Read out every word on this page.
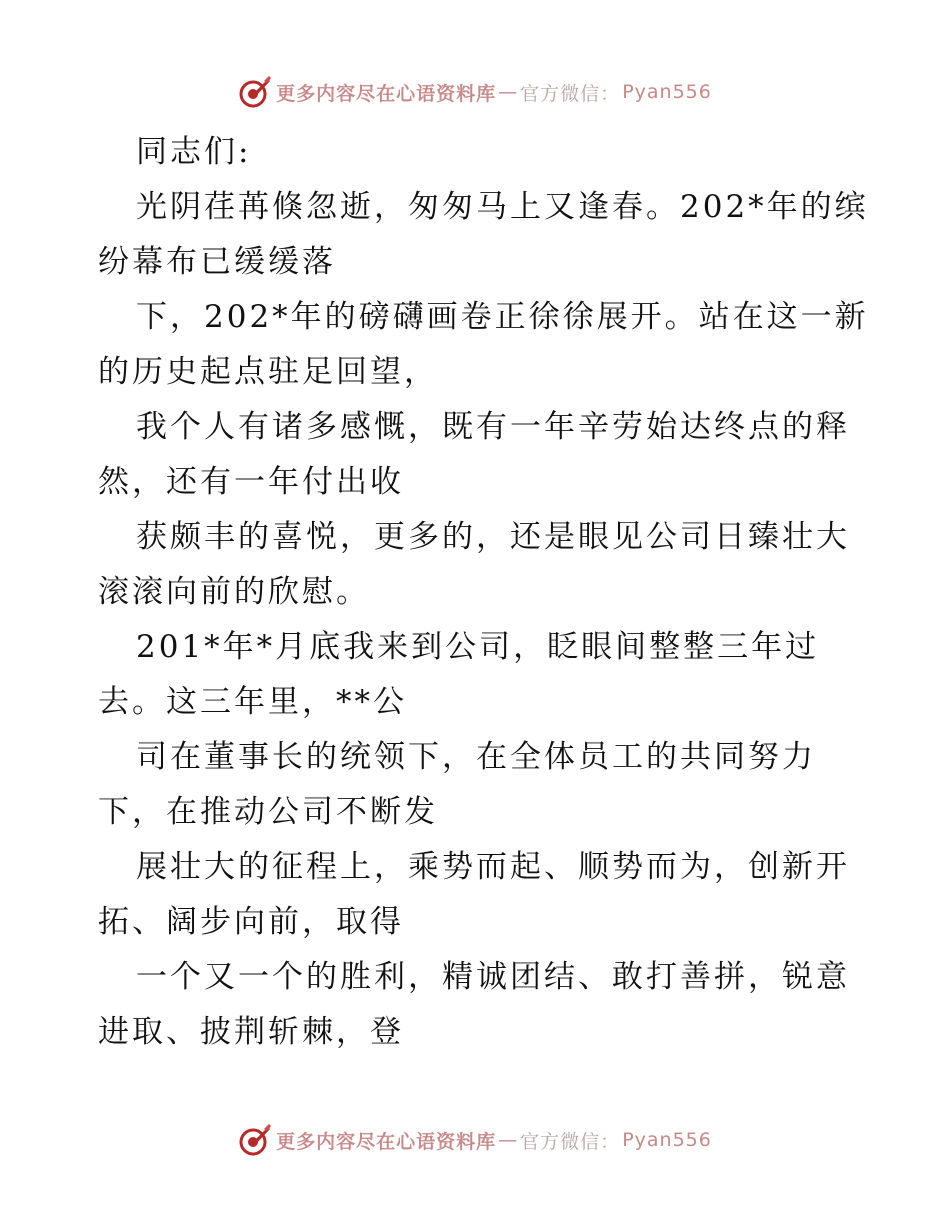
更多内容尽在心语资料库 — 官方微信： Pyan556
同志们:
光阴荏苒倏忽逝，匆匆马上又逢春。202*年的缤
纷幕布已缓缓落
下，202*年的磅礴画卷正徐徐展开。站在这一新
的历史起点驻足回望，
我个人有诸多感慨，既有一年辛劳始达终点的释
然，还有一年付出收
获颇丰的喜悦，更多的，还是眼见公司日臻壮大
滚滚向前的欣慰。
201*年*月底我来到公司，眨眼间整整三年过
去。这三年里，**公
司在董事长的统领下，在全体员工的共同努力
下，在推动公司不断发
展壮大的征程上，乘势而起、顺势而为，创新开
拓、阔步向前，取得
一个又一个的胜利，精诚团结、敢打善拼，锐意
进取、披荆斩棘，登
更多内容尽在心语资料库 — 官方微信： Pyan556
